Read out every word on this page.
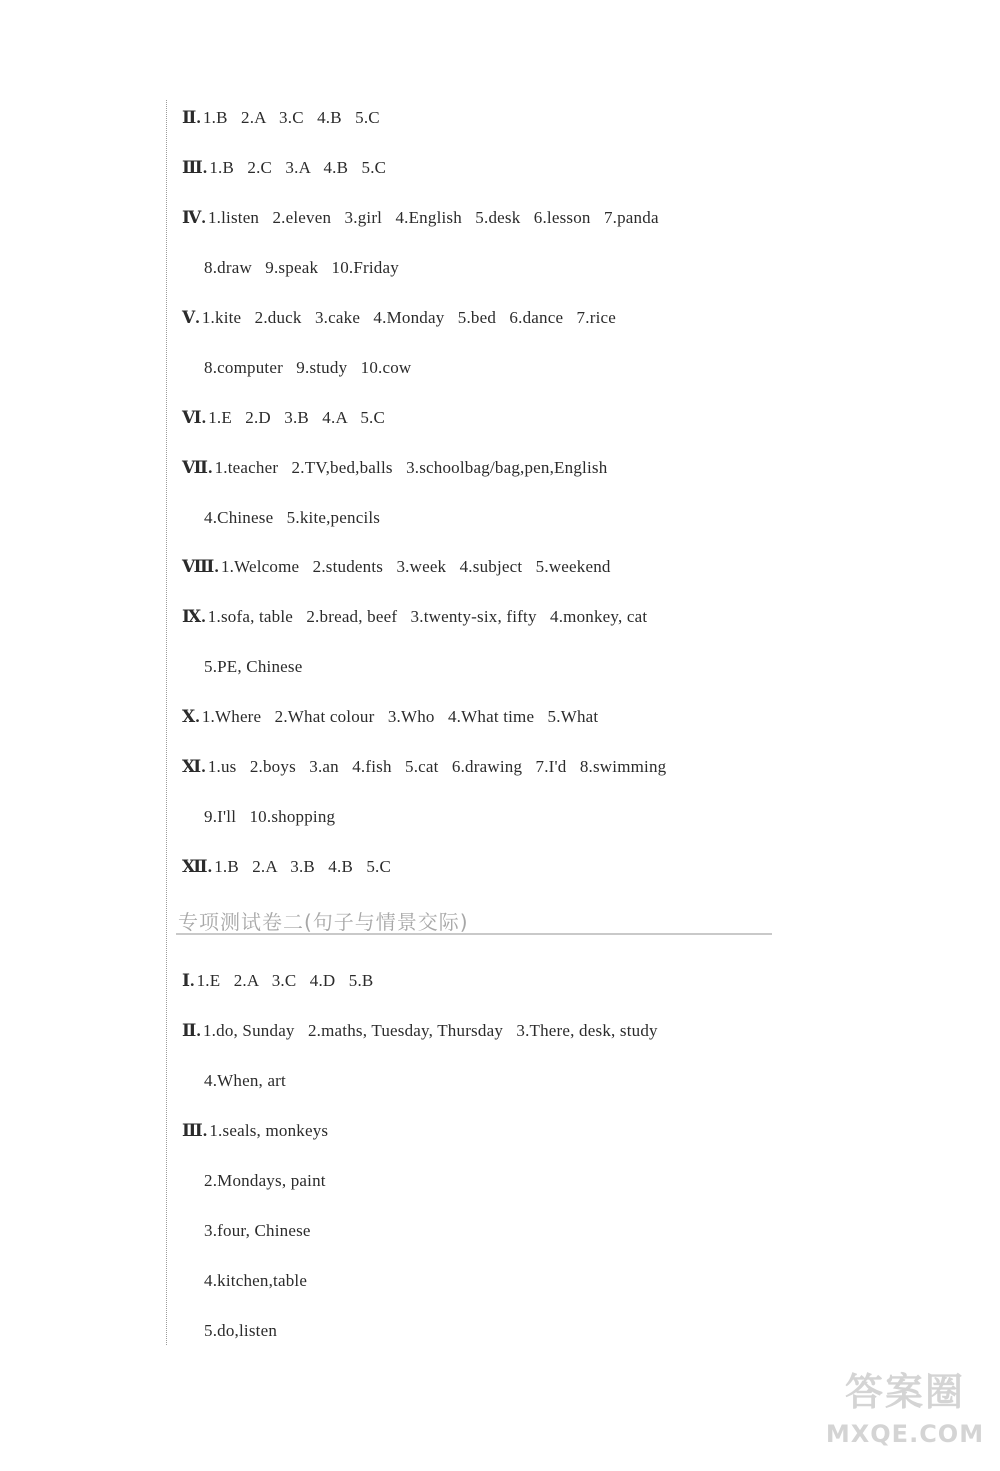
Ⅱ. 1.B   2.A   3.C   4.B   5.C
Ⅲ. 1.B   2.C   3.A   4.B   5.C
Ⅳ. 1.listen   2.eleven   3.girl   4.English   5.desk   6.lesson   7.panda
8.draw   9.speak   10.Friday
Ⅴ. 1.kite   2.duck   3.cake   4.Monday   5.bed   6.dance   7.rice
8.computer   9.study   10.cow
Ⅵ. 1.E   2.D   3.B   4.A   5.C
Ⅶ. 1.teacher   2.TV,bed,balls   3.schoolbag/bag,pen,English
4.Chinese   5.kite,pencils
Ⅷ. 1.Welcome   2.students   3.week   4.subject   5.weekend
Ⅸ. 1.sofa, table   2.bread, beef   3.twenty-six, fifty   4.monkey, cat
5.PE, Chinese
Ⅹ. 1.Where   2.What colour   3.Who   4.What time   5.What
Ⅺ. 1.us   2.boys   3.an   4.fish   5.cat   6.drawing   7.I'd   8.swimming
9.I'll   10.shopping
Ⅻ. 1.B   2.A   3.B   4.B   5.C
专项测试卷二(句子与情景交际)
Ⅰ. 1.E   2.A   3.C   4.D   5.B
Ⅱ. 1.do, Sunday   2.maths, Tuesday, Thursday   3.There, desk, study
4.When, art
Ⅲ. 1.seals, monkeys
2.Mondays, paint
3.four, Chinese
4.kitchen,table
5.do,listen
答案圈
MXQE.COM
